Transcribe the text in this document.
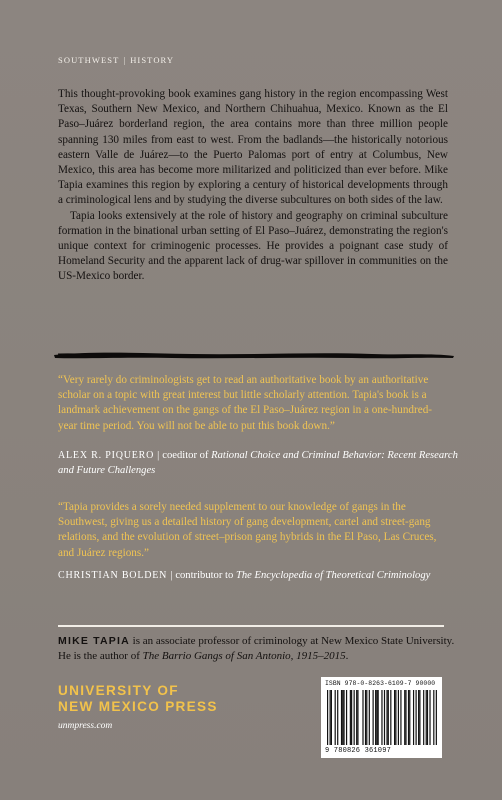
SOUTHWEST | HISTORY

This thought-provoking book examines gang history in the region encompassing West Texas, Southern New Mexico, and Northern Chihuahua, Mexico. Known as the El Paso–Juárez borderland region, the area contains more than three million people spanning 130 miles from east to west. From the badlands—the historically notorious eastern Valle de Juárez—to the Puerto Palomas port of entry at Columbus, New Mexico, this area has become more militarized and politicized than ever before. Mike Tapia examines this region by exploring a century of historical developments through a criminological lens and by studying the diverse subcultures on both sides of the law.

Tapia looks extensively at the role of history and geography on criminal subculture formation in the binational urban setting of El Paso–Juárez, demonstrating the region's unique context for criminogenic processes. He provides a poignant case study of Homeland Security and the apparent lack of drug-war spillover in communities on the US-Mexico border.

“Very rarely do criminologists get to read an authoritative book by an authoritative scholar on a topic with great interest but little scholarly attention. Tapia's book is a landmark achievement on the gangs of the El Paso–Juárez region in a one-hundred-year time period. You will not be able to put this book down.”
ALEX R. PIQUERO | coeditor of Rational Choice and Criminal Behavior: Recent Research and Future Challenges
“Tapia provides a sorely needed supplement to our knowledge of gangs in the Southwest, giving us a detailed history of gang development, cartel and street-gang relations, and the evolution of street–prison gang hybrids in the El Paso, Las Cruces, and Juárez regions.”
CHRISTIAN BOLDEN | contributor to The Encyclopedia of Theoretical Criminology
MIKE TAPIA is an associate professor of criminology at New Mexico State University. He is the author of The Barrio Gangs of San Antonio, 1915–2015.
UNIVERSITY OF
NEW MEXICO PRESS
unmpress.com
ISBN 978-0-8263-6109-7 90000
9 780826 361097
